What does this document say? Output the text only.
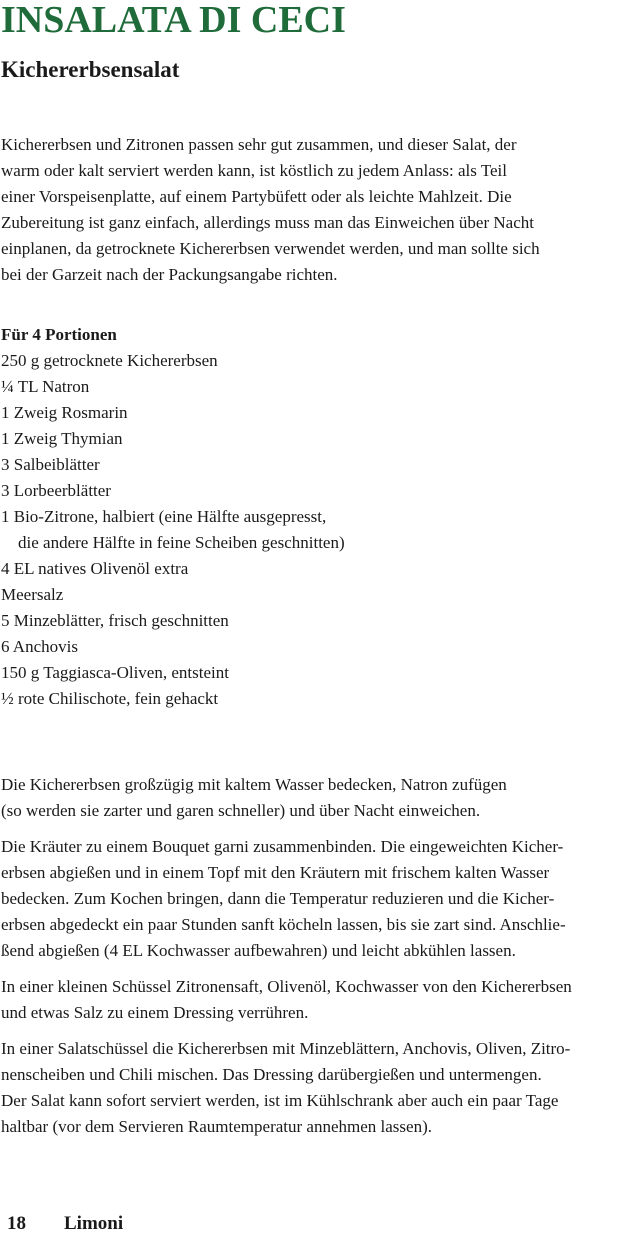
INSALATA DI CECI
Kichererbsensalat
Kichererbsen und Zitronen passen sehr gut zusammen, und dieser Salat, der
warm oder kalt serviert werden kann, ist köstlich zu jedem Anlass: als Teil
einer Vorspeisenplatte, auf einem Partybüfett oder als leichte Mahlzeit. Die
Zubereitung ist ganz einfach, allerdings muss man das Einweichen über Nacht
einplanen, da getrocknete Kichererbsen verwendet werden, und man sollte sich
bei der Garzeit nach der Packungsangabe richten.
Für 4 Portionen
250 g getrocknete Kichererbsen
¼ TL Natron
1 Zweig Rosmarin
1 Zweig Thymian
3 Salbeiblätter
3 Lorbeerblätter
1 Bio-Zitrone, halbiert (eine Hälfte ausgepresst,
die andere Hälfte in feine Scheiben geschnitten)
4 EL natives Olivenöl extra
Meersalz
5 Minzeblätter, frisch geschnitten
6 Anchovis
150 g Taggiasca-Oliven, entsteint
½ rote Chilischote, fein gehackt

Die Kichererbsen großzügig mit kaltem Wasser bedecken, Natron zufügen
(so werden sie zarter und garen schneller) und über Nacht einweichen.

Die Kräuter zu einem Bouquet garni zusammenbinden. Die eingeweichten Kicher-
erbsen abgießen und in einem Topf mit den Kräutern mit frischem kalten Wasser
bedecken. Zum Kochen bringen, dann die Temperatur reduzieren und die Kicher-
erbsen abgedeckt ein paar Stunden sanft köcheln lassen, bis sie zart sind. Anschlie-
ßend abgießen (4 EL Kochwasser aufbewahren) und leicht abkühlen lassen.

In einer kleinen Schüssel Zitronensaft, Olivenöl, Kochwasser von den Kichererbsen
und etwas Salz zu einem Dressing verrühren.

In einer Salatschüssel die Kichererbsen mit Minzeblättern, Anchovis, Oliven, Zitro-
nenscheiben und Chili mischen. Das Dressing darübergießen und untermengen.
Der Salat kann sofort serviert werden, ist im Kühlschrank aber auch ein paar Tage
haltbar (vor dem Servieren Raumtemperatur annehmen lassen).

18 Limoni
